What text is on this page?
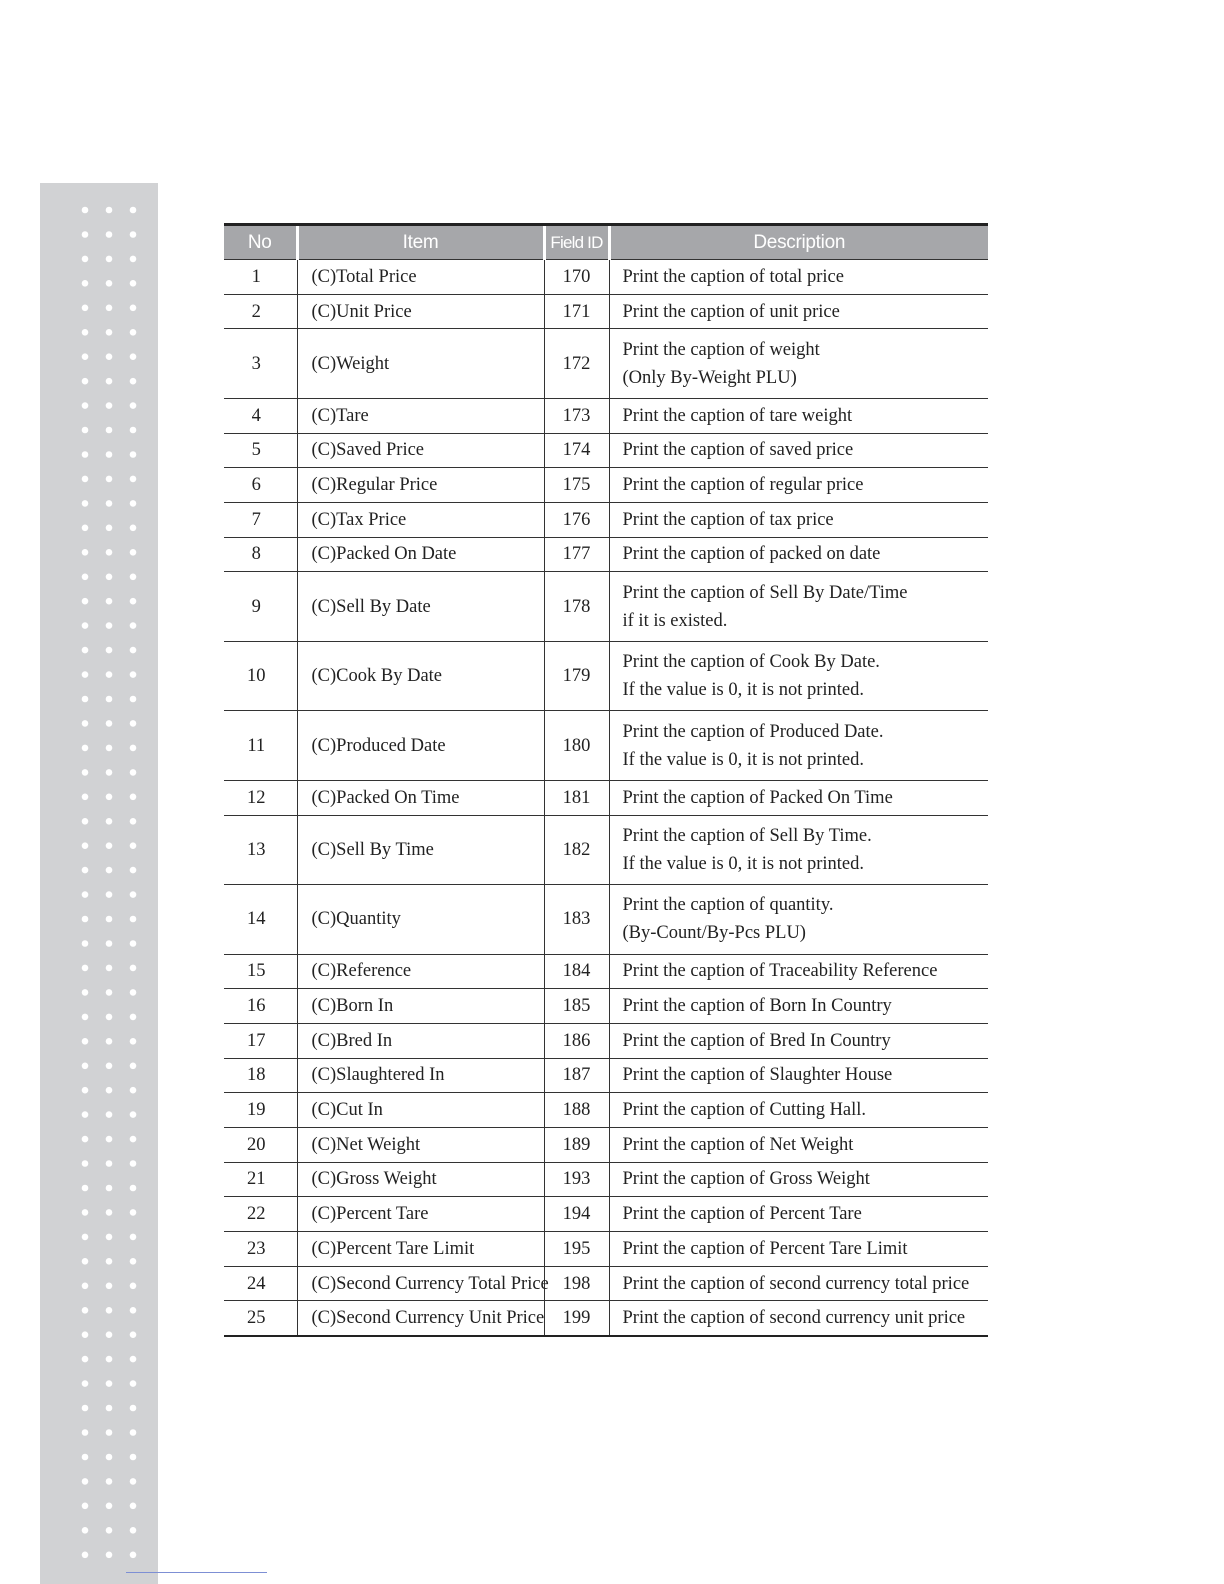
No	Item	Field ID	Description
1	(C)Total Price	170	Print the caption of total price

2	(C)Unit Price	171	Print the caption of unit price

3	(C)Weight	172	Print the caption of weight
(Only By-Weight PLU)

4	(C)Tare	173	Print the caption of tare weight

5	(C)Saved Price	174	Print the caption of saved price

6	(C)Regular Price	175	Print the caption of regular price

7	(C)Tax Price	176	Print the caption of tax price

8	(C)Packed On Date	177	Print the caption of packed on date

9	(C)Sell By Date	178	Print the caption of Sell By Date/Time
if it is existed.

10	(C)Cook By Date	179	Print the caption of Cook By Date.
If the value is 0, it is not printed.

11	(C)Produced Date	180	Print the caption of Produced Date.
If the value is 0, it is not printed.

12	(C)Packed On Time	181	Print the caption of Packed On Time

13	(C)Sell By Time	182	Print the caption of Sell By Time.
If the value is 0, it is not printed.

14	(C)Quantity	183	Print the caption of quantity.
(By-Count/By-Pcs PLU)

15	(C)Reference	184	Print the caption of Traceability Reference

16	(C)Born In	185	Print the caption of Born In Country

17	(C)Bred In	186	Print the caption of Bred In Country

18	(C)Slaughtered In	187	Print the caption of Slaughter House

19	(C)Cut In	188	Print the caption of Cutting Hall.

20	(C)Net Weight	189	Print the caption of Net Weight

21	(C)Gross Weight	193	Print the caption of Gross Weight

22	(C)Percent Tare	194	Print the caption of Percent Tare

23	(C)Percent Tare Limit	195	Print the caption of Percent Tare Limit

24	(C)Second Currency Total Price	198	Print the caption of second currency total price

25	(C)Second Currency Unit Price	199	Print the caption of second currency unit price
